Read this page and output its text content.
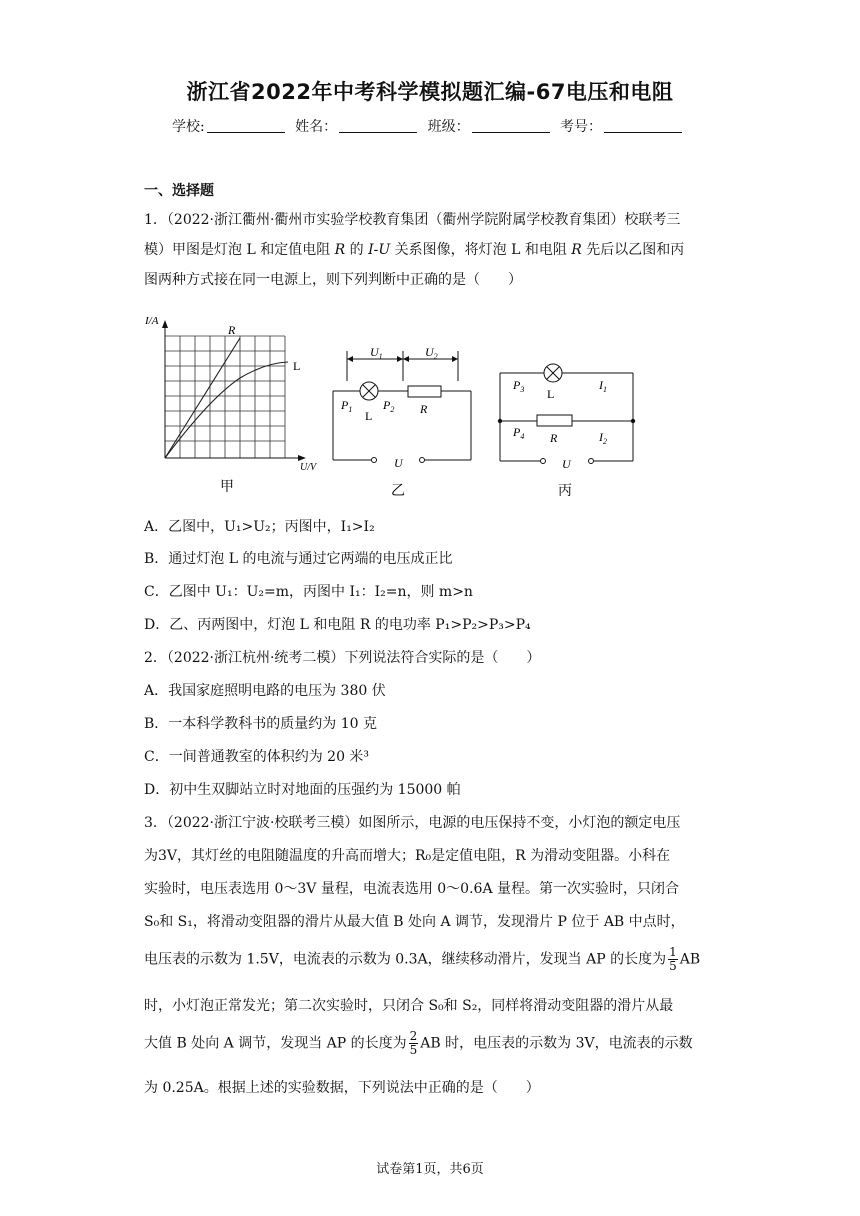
浙江省2022年中考科学模拟题汇编-67电压和电阻
学校:	姓名：	班级：	考号：
一、选择题
1．（2022·浙江衢州·衢州市实验学校教育集团（衢州学院附属学校教育集团）校联考三
模）甲图是灯泡 L 和定值电阻 R 的 I-U 关系图像，将灯泡 L 和电阻 R 先后以乙图和丙
图两种方式接在同一电源上，则下列判断中正确的是（　　）
I/A
U/V
R
L
甲
$U_1$	$U_2$
$P_1$	$P_2$
L	R
U
乙
$P_3$ L
$I_1$
$P_4$ R	$I_2$
U
丙
A．乙图中，U₁>U₂；丙图中，I₁>I₂
B．通过灯泡 L 的电流与通过它两端的电压成正比
C．乙图中 U₁：U₂=m，丙图中 I₁：I₂=n，则 m>n
D．乙、丙两图中，灯泡 L 和电阻 R 的电功率 P₁>P₂>P₃>P₄
2．（2022·浙江杭州·统考二模）下列说法符合实际的是（　　）
A．我国家庭照明电路的电压为 380 伏
B．一本科学教科书的质量约为 10 克
C．一间普通教室的体积约为 20 米³
D．初中生双脚站立时对地面的压强约为 15000 帕
3．（2022·浙江宁波·校联考三模）如图所示，电源的电压保持不变，小灯泡的额定电压
为3V，其灯丝的电阻随温度的升高而增大；R₀是定值电阻，R 为滑动变阻器。小科在
实验时，电压表选用 0～3V 量程，电流表选用 0～0.6A 量程。第一次实验时，只闭合
S₀和 S₁，将滑动变阻器的滑片从最大值 B 处向 A 调节，发现滑片 P 位于 AB 中点时，
电压表的示数为 1.5V，电流表的示数为 0.3A，继续移动滑片，发现当 AP 的长度为 $\frac{1}{5}$ AB
时，小灯泡正常发光；第二次实验时，只闭合 S₀和 S₂，同样将滑动变阻器的滑片从最
大值 B 处向 A 调节，发现当 AP 的长度为 $\frac{2}{5}$ AB 时，电压表的示数为 3V，电流表的示数
为 0.25A。根据上述的实验数据，下列说法中正确的是（　　）
试卷第1页，共6页
